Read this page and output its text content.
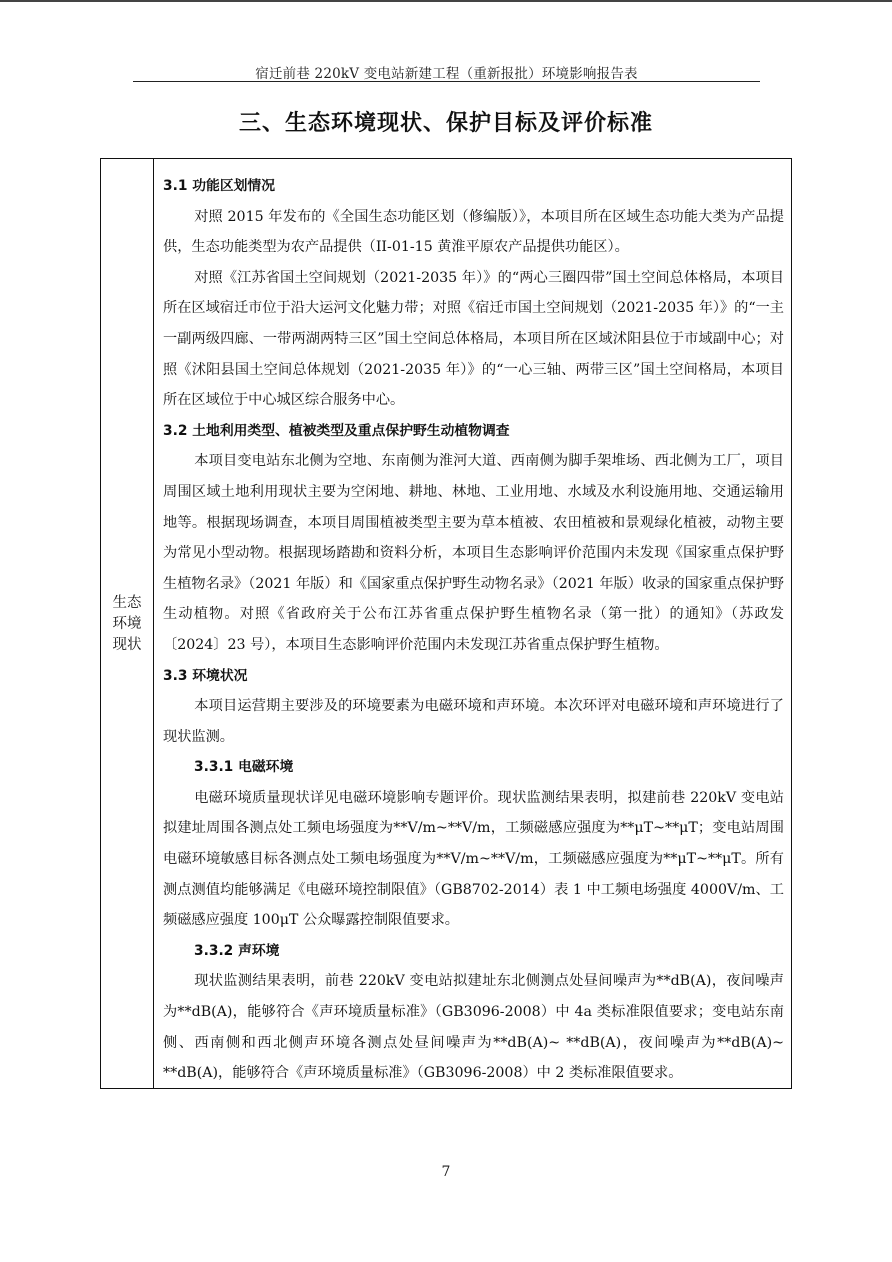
宿迁前巷 220kV 变电站新建工程（重新报批）环境影响报告表
三、生态环境现状、保护目标及评价标准
生态
环境
现状
3.1 功能区划情况

对照 2015 年发布的《全国生态功能区划（修编版）》，本项目所在区域生态功能大类为产品提供，生态功能类型为农产品提供（II-01-15 黄淮平原农产品提供功能区）。

对照《江苏省国土空间规划（2021-2035 年）》的“两心三圈四带”国土空间总体格局，本项目所在区域宿迁市位于沿大运河文化魅力带；对照《宿迁市国土空间规划（2021-2035 年）》的“一主一副两级四廊、一带两湖两特三区”国土空间总体格局，本项目所在区域沭阳县位于市域副中心；对照《沭阳县国土空间总体规划（2021-2035 年）》的“一心三轴、两带三区”国土空间格局，本项目所在区域位于中心城区综合服务中心。

3.2 土地利用类型、植被类型及重点保护野生动植物调查

本项目变电站东北侧为空地、东南侧为淮河大道、西南侧为脚手架堆场、西北侧为工厂，项目周围区域土地利用现状主要为空闲地、耕地、林地、工业用地、水域及水利设施用地、交通运输用地等。根据现场调查，本项目周围植被类型主要为草本植被、农田植被和景观绿化植被，动物主要为常见小型动物。根据现场踏勘和资料分析，本项目生态影响评价范围内未发现《国家重点保护野生植物名录》（2021 年版）和《国家重点保护野生动物名录》（2021 年版）收录的国家重点保护野生动植物。对照《省政府关于公布江苏省重点保护野生植物名录（第一批）的通知》（苏政发〔2024〕23 号），本项目生态影响评价范围内未发现江苏省重点保护野生植物。

3.3 环境状况

本项目运营期主要涉及的环境要素为电磁环境和声环境。本次环评对电磁环境和声环境进行了现状监测。

3.3.1 电磁环境

电磁环境质量现状详见电磁环境影响专题评价。现状监测结果表明，拟建前巷 220kV 变电站拟建址周围各测点处工频电场强度为**V/m~**V/m，工频磁感应强度为**μT~**μT；变电站周围电磁环境敏感目标各测点处工频电场强度为**V/m~**V/m，工频磁感应强度为**μT~**μT。所有测点测值均能够满足《电磁环境控制限值》（GB8702-2014）表 1 中工频电场强度 4000V/m、工频磁感应强度 100μT 公众曝露控制限值要求。

3.3.2 声环境

现状监测结果表明，前巷 220kV 变电站拟建址东北侧测点处昼间噪声为**dB(A)，夜间噪声为**dB(A)，能够符合《声环境质量标准》（GB3096-2008）中 4a 类标准限值要求；变电站东南侧、西南侧和西北侧声环境各测点处昼间噪声为**dB(A)~ **dB(A)，夜间噪声为**dB(A)~ **dB(A)，能够符合《声环境质量标准》（GB3096-2008）中 2 类标准限值要求。

7
